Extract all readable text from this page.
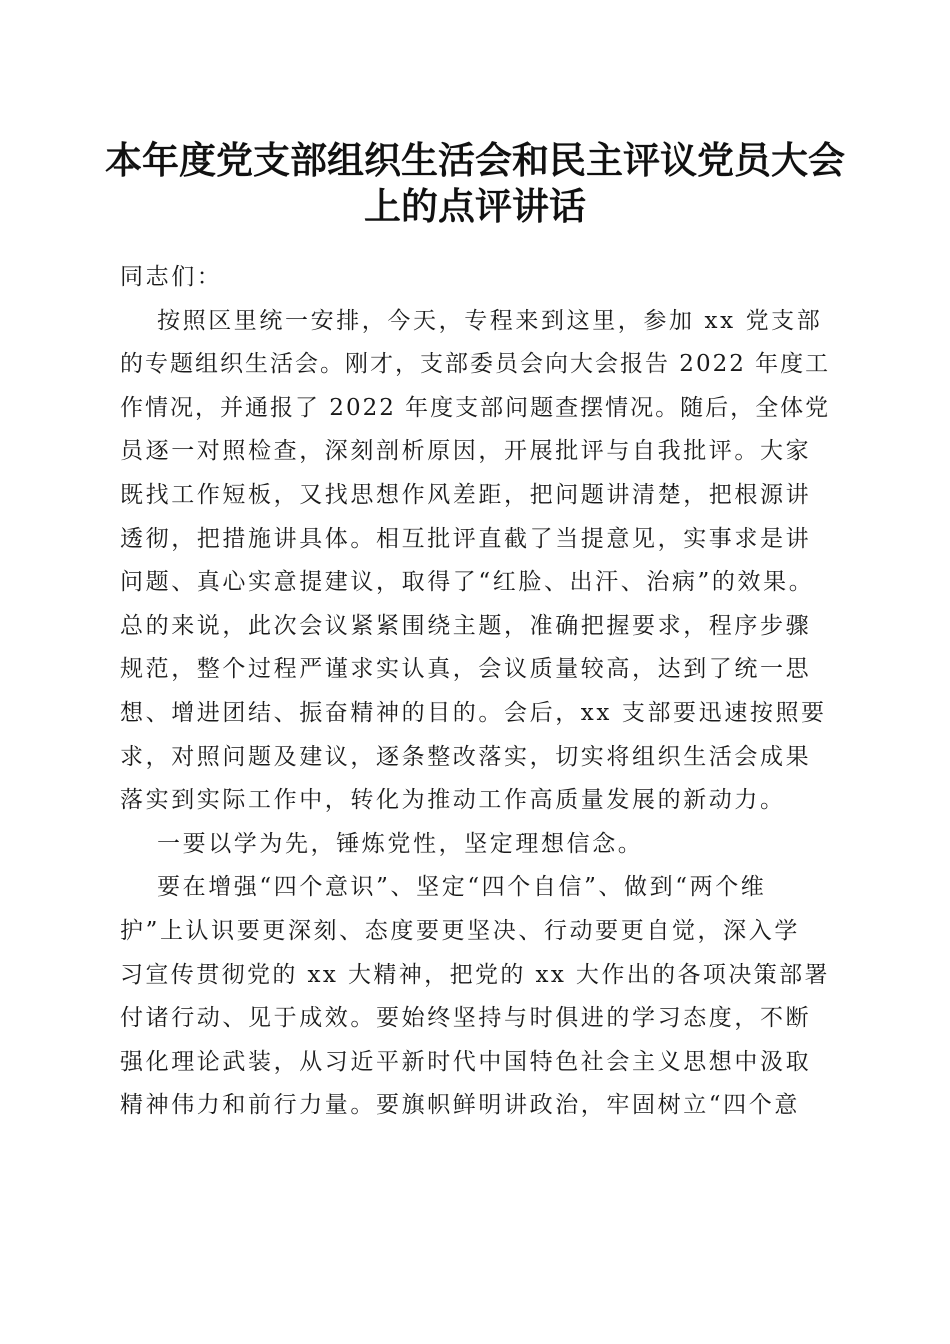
本年度党支部组织生活会和民主评议党员大会
上的点评讲话
同志们：
按照区里统一安排，今天，专程来到这里，参加 xx 党支部
的专题组织生活会。刚才，支部委员会向大会报告 2022 年度工
作情况，并通报了 2022 年度支部问题查摆情况。随后，全体党
员逐一对照检查，深刻剖析原因，开展批评与自我批评。大家
既找工作短板，又找思想作风差距，把问题讲清楚，把根源讲
透彻，把措施讲具体。相互批评直截了当提意见，实事求是讲
问题、真心实意提建议，取得了“红脸、出汗、治病”的效果。
总的来说，此次会议紧紧围绕主题，准确把握要求，程序步骤
规范，整个过程严谨求实认真，会议质量较高，达到了统一思
想、增进团结、振奋精神的目的。会后，xx 支部要迅速按照要
求，对照问题及建议，逐条整改落实，切实将组织生活会成果
落实到实际工作中，转化为推动工作高质量发展的新动力。
一要以学为先，锤炼党性，坚定理想信念。
要在增强“四个意识”、坚定“四个自信”、做到“两个维
护”上认识要更深刻、态度要更坚决、行动要更自觉，深入学
习宣传贯彻党的 xx 大精神，把党的 xx 大作出的各项决策部署
付诸行动、见于成效。要始终坚持与时俱进的学习态度，不断
强化理论武装，从习近平新时代中国特色社会主义思想中汲取
精神伟力和前行力量。要旗帜鲜明讲政治，牢固树立“四个意
